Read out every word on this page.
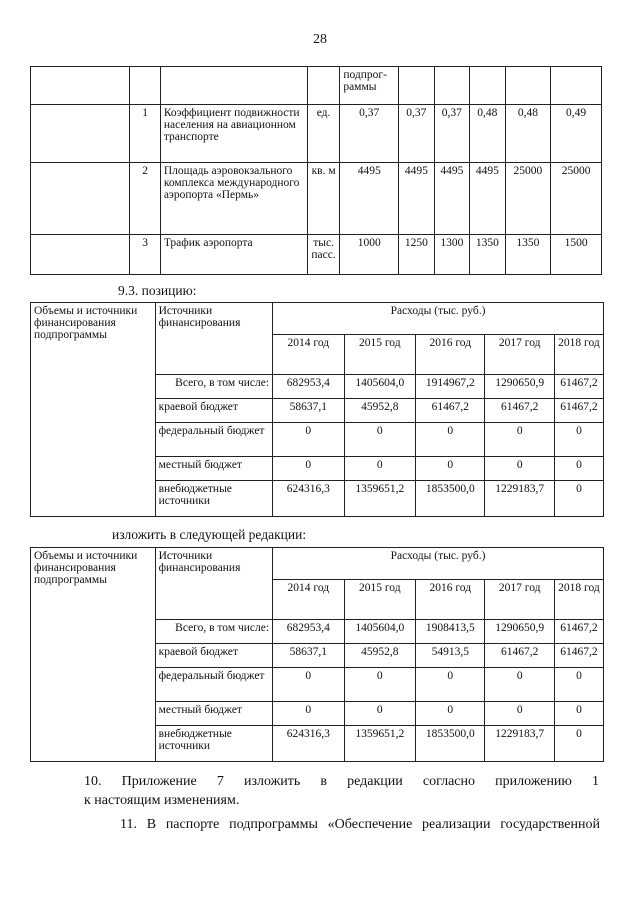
28
				подпрог-
раммы					
	1	Коэффициент подвижности населения на авиационном транспорте	ед.	0,37	0,37	0,37	0,48	0,48	0,49
	2	Площадь аэровокзального комплекса международного аэропорта «Пермь»	кв. м	4495	4495	4495	4495	25000	25000
	3	Трафик аэропорта	тыс. пасс.	1000	1250	1300	1350	1350	1500
9.3. позицию:
Объемы и источники финансирования подпрограммы	Источники финансирования	Расходы (тыс. руб.)				
		2014 год	2015 год	2016 год	2017 год	2018 год
	Всего, в том числе:	682953,4	1405604,0	1914967,2	1290650,9	61467,2
	краевой бюджет	58637,1	45952,8	61467,2	61467,2	61467,2
	федеральный бюджет	0	0	0	0	0
	местный бюджет	0	0	0	0	0
	внебюджетные источники	624316,3	1359651,2	1853500,0	1229183,7	0
изложить в следующей редакции:
Объемы и источники финансирования подпрограммы	Источники финансирования	Расходы (тыс. руб.)				
		2014 год	2015 год	2016 год	2017 год	2018 год
	Всего, в том числе:	682953,4	1405604,0	1908413,5	1290650,9	61467,2
	краевой бюджет	58637,1	45952,8	54913,5	61467,2	61467,2
	федеральный бюджет	0	0	0	0	0
	местный бюджет	0	0	0	0	0
	внебюджетные источники	624316,3	1359651,2	1853500,0	1229183,7	0
10. Приложение 7 изложить в редакции согласно приложению 1
к настоящим изменениям.
11. В паспорте подпрограммы «Обеспечение реализации государственной
